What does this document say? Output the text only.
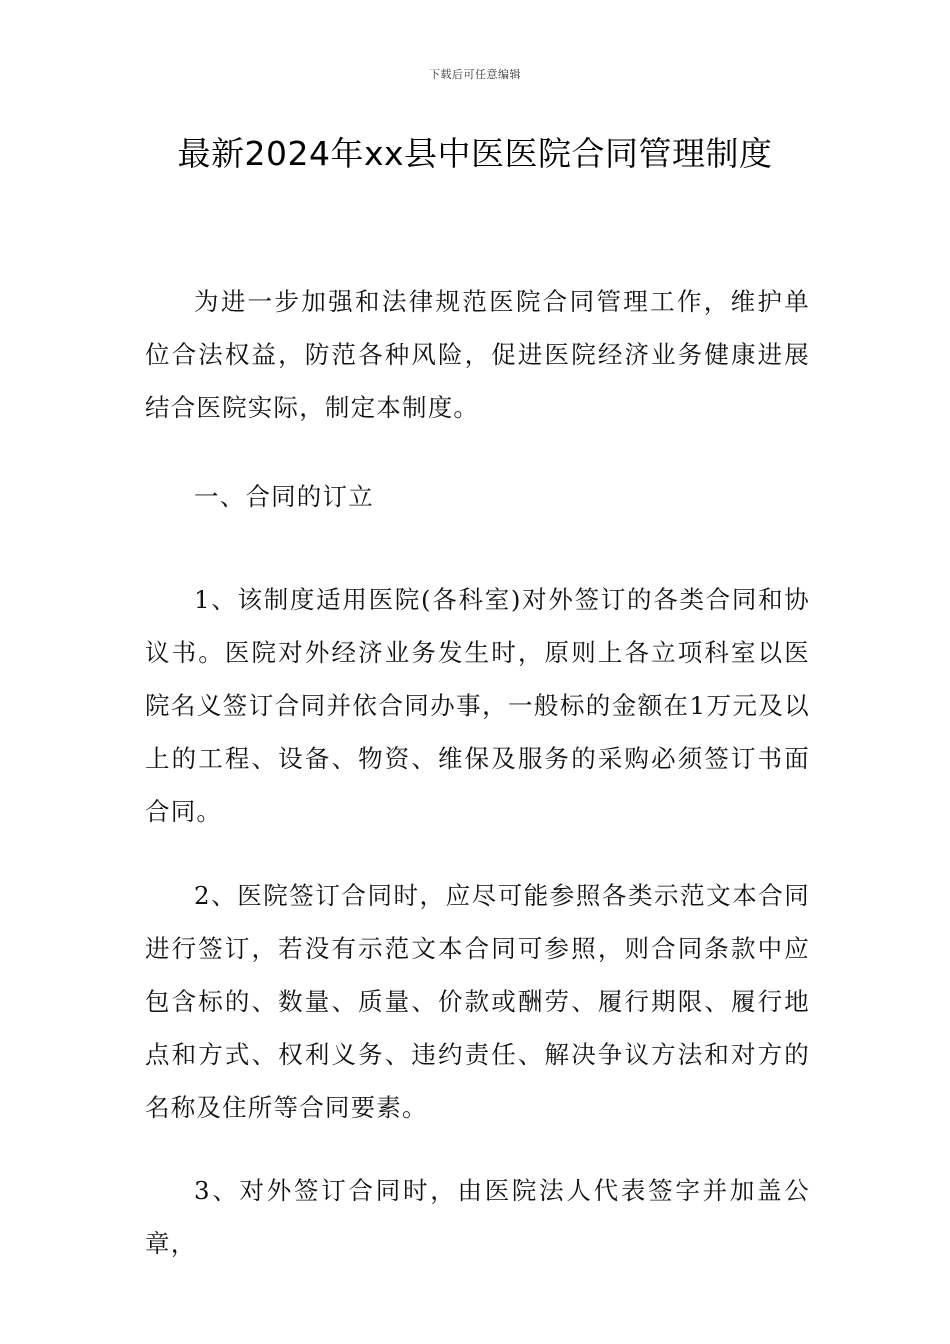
下载后可任意编辑
最新2024年xx县中医医院合同管理制度

为进一步加强和法律规范医院合同管理工作，维护单位合法权益，防范各种风险，促进医院经济业务健康进展结合医院实际，制定本制度。

一、合同的订立

1、该制度适用医院(各科室)对外签订的各类合同和协议书。医院对外经济业务发生时，原则上各立项科室以医院名义签订合同并依合同办事，一般标的金额在1万元及以上的工程、设备、物资、维保及服务的采购必须签订书面合同。

2、医院签订合同时，应尽可能参照各类示范文本合同进行签订，若没有示范文本合同可参照，则合同条款中应包含标的、数量、质量、价款或酬劳、履行期限、履行地点和方式、权利义务、违约责任、解决争议方法和对方的名称及住所等合同要素。

3、对外签订合同时，由医院法人代表签字并加盖公章，
